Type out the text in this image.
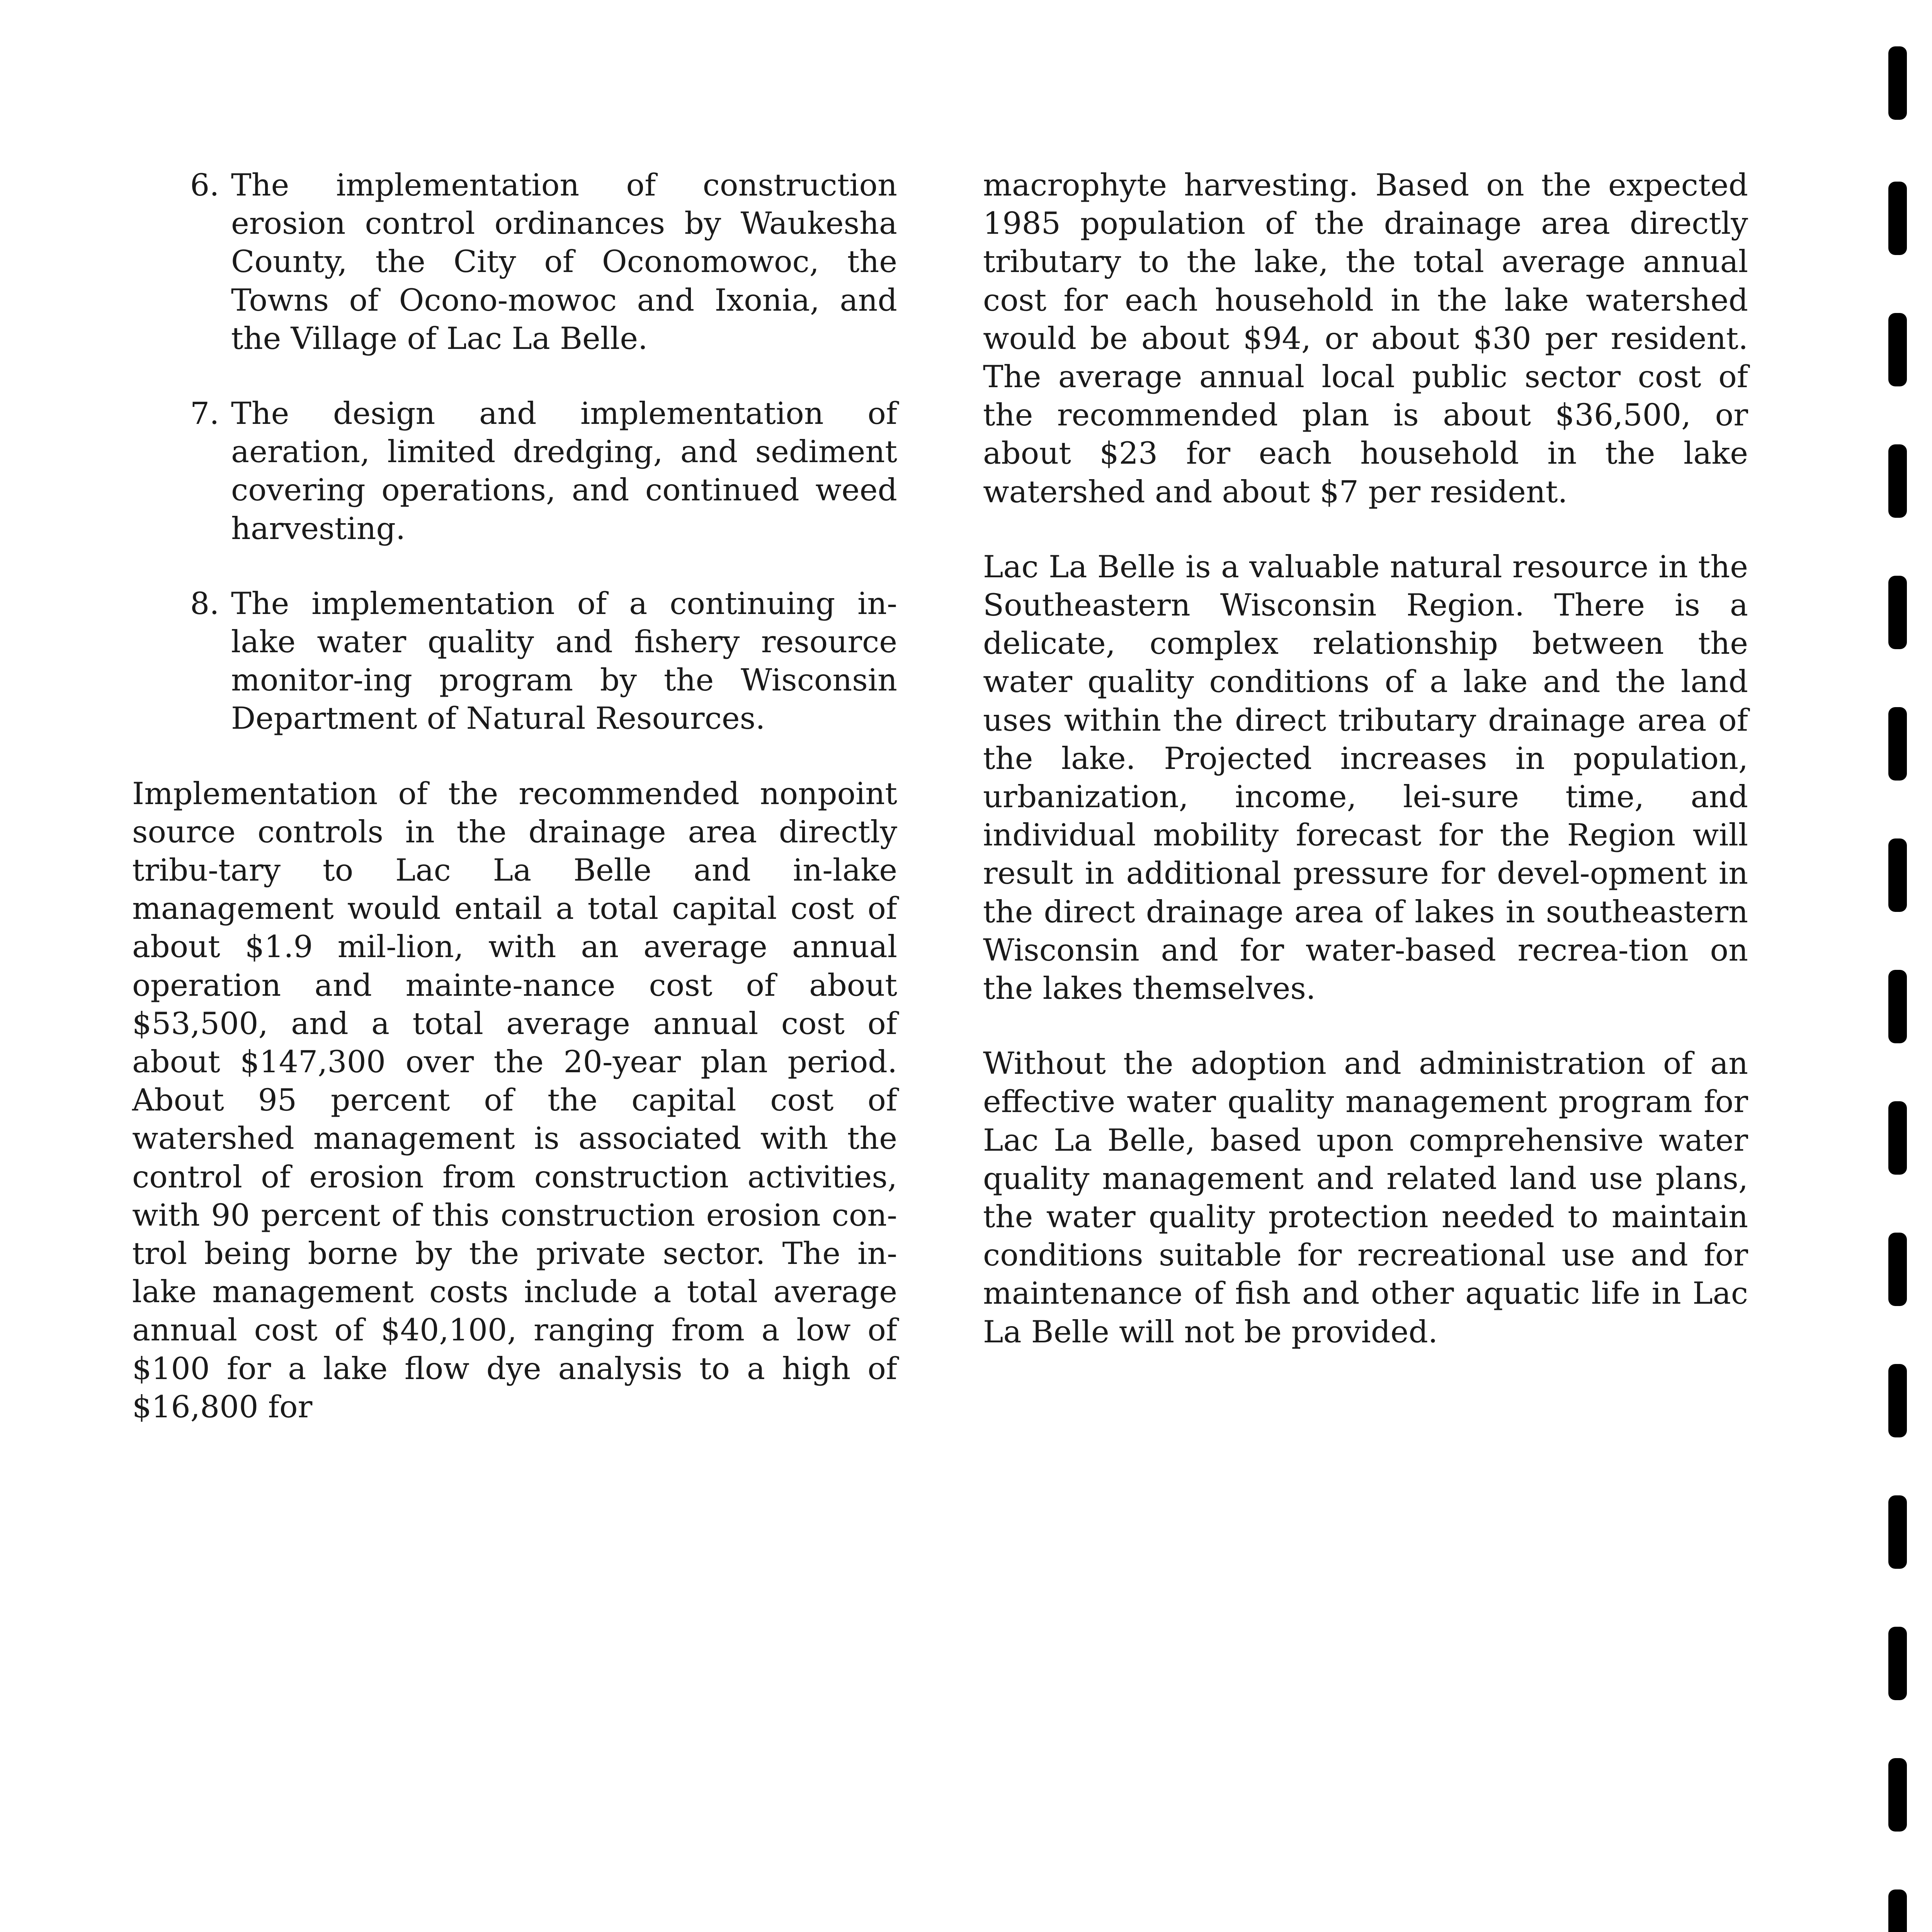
6. The implementation of construction erosion control ordinances by Waukesha County, the City of Oconomowoc, the Towns of Ocono-mowoc and Ixonia, and the Village of Lac La Belle.
7. The design and implementation of aeration, limited dredging, and sediment covering operations, and continued weed harvesting.
8. The implementation of a continuing in-lake water quality and fishery resource monitor-ing program by the Wisconsin Department of Natural Resources.

Implementation of the recommended nonpoint source controls in the drainage area directly tribu-tary to Lac La Belle and in-lake management would entail a total capital cost of about $1.9 mil-lion, with an average annual operation and mainte-nance cost of about $53,500, and a total average annual cost of about $147,300 over the 20-year plan period. About 95 percent of the capital cost of watershed management is associated with the control of erosion from construction activities, with 90 percent of this construction erosion con-trol being borne by the private sector. The in-lake management costs include a total average annual cost of $40,100, ranging from a low of $100 for a lake flow dye analysis to a high of $16,800 for

macrophyte harvesting. Based on the expected 1985 population of the drainage area directly tributary to the lake, the total average annual cost for each household in the lake watershed would be about $94, or about $30 per resident. The average annual local public sector cost of the recommended plan is about $36,500, or about $23 for each household in the lake watershed and about $7 per resident.

Lac La Belle is a valuable natural resource in the Southeastern Wisconsin Region. There is a delicate, complex relationship between the water quality conditions of a lake and the land uses within the direct tributary drainage area of the lake. Projected increases in population, urbanization, income, lei-sure time, and individual mobility forecast for the Region will result in additional pressure for devel-opment in the direct drainage area of lakes in southeastern Wisconsin and for water-based recrea-tion on the lakes themselves.

Without the adoption and administration of an effective water quality management program for Lac La Belle, based upon comprehensive water quality management and related land use plans, the water quality protection needed to maintain conditions suitable for recreational use and for maintenance of fish and other aquatic life in Lac La Belle will not be provided.
